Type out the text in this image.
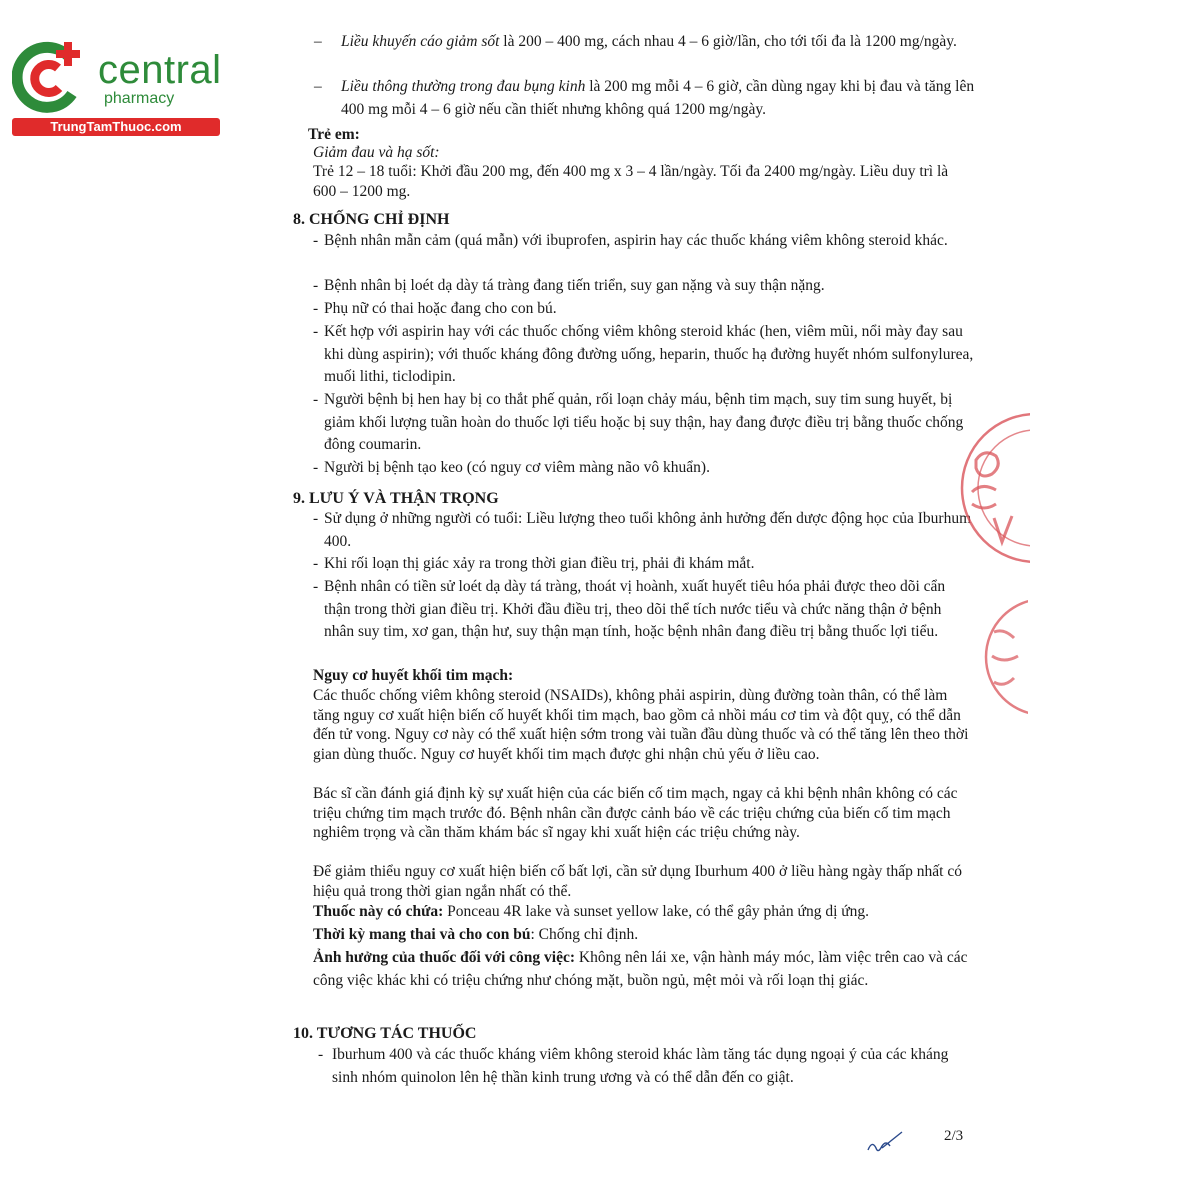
central
pharmacy
TrungTamThuoc.com
–	Liều khuyến cáo giảm sốt là 200 – 400 mg, cách nhau 4 – 6 giờ/lần, cho tới tối đa là 1200 mg/ngày.
–	Liều thông thường trong đau bụng kinh là 200 mg mỗi 4 – 6 giờ, cần dùng ngay khi bị đau và tăng lên 400 mg mỗi 4 – 6 giờ nếu cần thiết nhưng không quá 1200 mg/ngày.
Trẻ em:
Giảm đau và hạ sốt:
Trẻ 12 – 18 tuổi: Khởi đầu 200 mg, đến 400 mg x 3 – 4 lần/ngày. Tối đa 2400 mg/ngày. Liều duy trì là 600 – 1200 mg.
8. CHỐNG CHỈ ĐỊNH
- Bệnh nhân mẫn cảm (quá mẫn) với ibuprofen, aspirin hay các thuốc kháng viêm không steroid khác.
- Bệnh nhân bị loét dạ dày tá tràng đang tiến triển, suy gan nặng và suy thận nặng.
- Phụ nữ có thai hoặc đang cho con bú.
- Kết hợp với aspirin hay với các thuốc chống viêm không steroid khác (hen, viêm mũi, nổi mày đay sau khi dùng aspirin); với thuốc kháng đông đường uống, heparin, thuốc hạ đường huyết nhóm sulfonylurea, muối lithi, ticlodipin.
- Người bệnh bị hen hay bị co thắt phế quản, rối loạn chảy máu, bệnh tim mạch, suy tim sung huyết, bị giảm khối lượng tuần hoàn do thuốc lợi tiểu hoặc bị suy thận, hay đang được điều trị bằng thuốc chống đông coumarin.
- Người bị bệnh tạo keo (có nguy cơ viêm màng não vô khuẩn).
9. LƯU Ý VÀ THẬN TRỌNG
- Sử dụng ở những người có tuổi: Liều lượng theo tuổi không ảnh hưởng đến dược động học của Iburhum 400.
- Khi rối loạn thị giác xảy ra trong thời gian điều trị, phải đi khám mắt.
- Bệnh nhân có tiền sử loét dạ dày tá tràng, thoát vị hoành, xuất huyết tiêu hóa phải được theo dõi cẩn thận trong thời gian điều trị. Khởi đầu điều trị, theo dõi thể tích nước tiểu và chức năng thận ở bệnh nhân suy tim, xơ gan, thận hư, suy thận mạn tính, hoặc bệnh nhân đang điều trị bằng thuốc lợi tiểu.
Nguy cơ huyết khối tim mạch:
Các thuốc chống viêm không steroid (NSAIDs), không phải aspirin, dùng đường toàn thân, có thể làm tăng nguy cơ xuất hiện biến cố huyết khối tim mạch, bao gồm cả nhồi máu cơ tim và đột quỵ, có thể dẫn đến tử vong. Nguy cơ này có thể xuất hiện sớm trong vài tuần đầu dùng thuốc và có thể tăng lên theo thời gian dùng thuốc. Nguy cơ huyết khối tim mạch được ghi nhận chủ yếu ở liều cao.
Bác sĩ cần đánh giá định kỳ sự xuất hiện của các biến cố tim mạch, ngay cả khi bệnh nhân không có các triệu chứng tim mạch trước đó. Bệnh nhân cần được cảnh báo về các triệu chứng của biến cố tim mạch nghiêm trọng và cần thăm khám bác sĩ ngay khi xuất hiện các triệu chứng này.
Để giảm thiểu nguy cơ xuất hiện biến cố bất lợi, cần sử dụng Iburhum 400 ở liều hàng ngày thấp nhất có hiệu quả trong thời gian ngắn nhất có thể.
Thuốc này có chứa: Ponceau 4R lake và sunset yellow lake, có thể gây phản ứng dị ứng.
Thời kỳ mang thai và cho con bú: Chống chỉ định.
Ảnh hưởng của thuốc đối với công việc: Không nên lái xe, vận hành máy móc, làm việc trên cao và các công việc khác khi có triệu chứng như chóng mặt, buồn ngủ, mệt mỏi và rối loạn thị giác.
10. TƯƠNG TÁC THUỐC
- Iburhum 400 và các thuốc kháng viêm không steroid khác làm tăng tác dụng ngoại ý của các kháng sinh nhóm quinolon lên hệ thần kinh trung ương và có thể dẫn đến co giật.
2/3
